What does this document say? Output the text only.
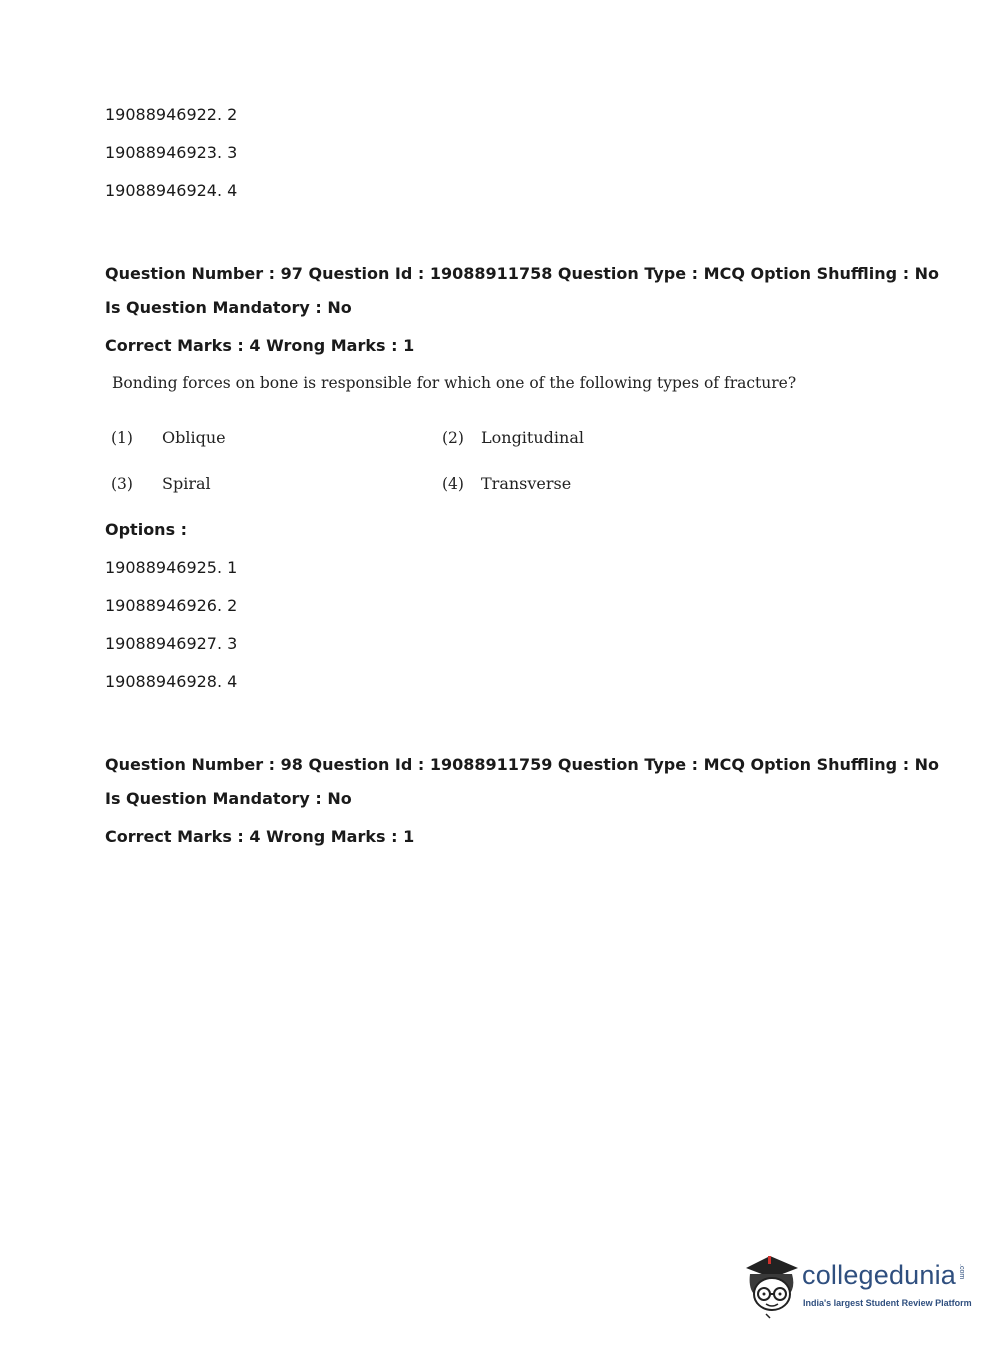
19088946922. 2
19088946923. 3
19088946924. 4
Question Number : 97 Question Id : 19088911758 Question Type : MCQ Option Shuffling : No
Is Question Mandatory : No
Correct Marks : 4 Wrong Marks : 1
Bonding forces on bone is responsible for which one of the following types of fracture?
(1) Oblique	(2) Longitudinal
(3) Spiral	(4) Transverse
Options :
19088946925. 1
19088946926. 2
19088946927. 3
19088946928. 4
Question Number : 98 Question Id : 19088911759 Question Type : MCQ Option Shuffling : No
Is Question Mandatory : No
Correct Marks : 4 Wrong Marks : 1
collegedunia .com
India's largest Student Review Platform
